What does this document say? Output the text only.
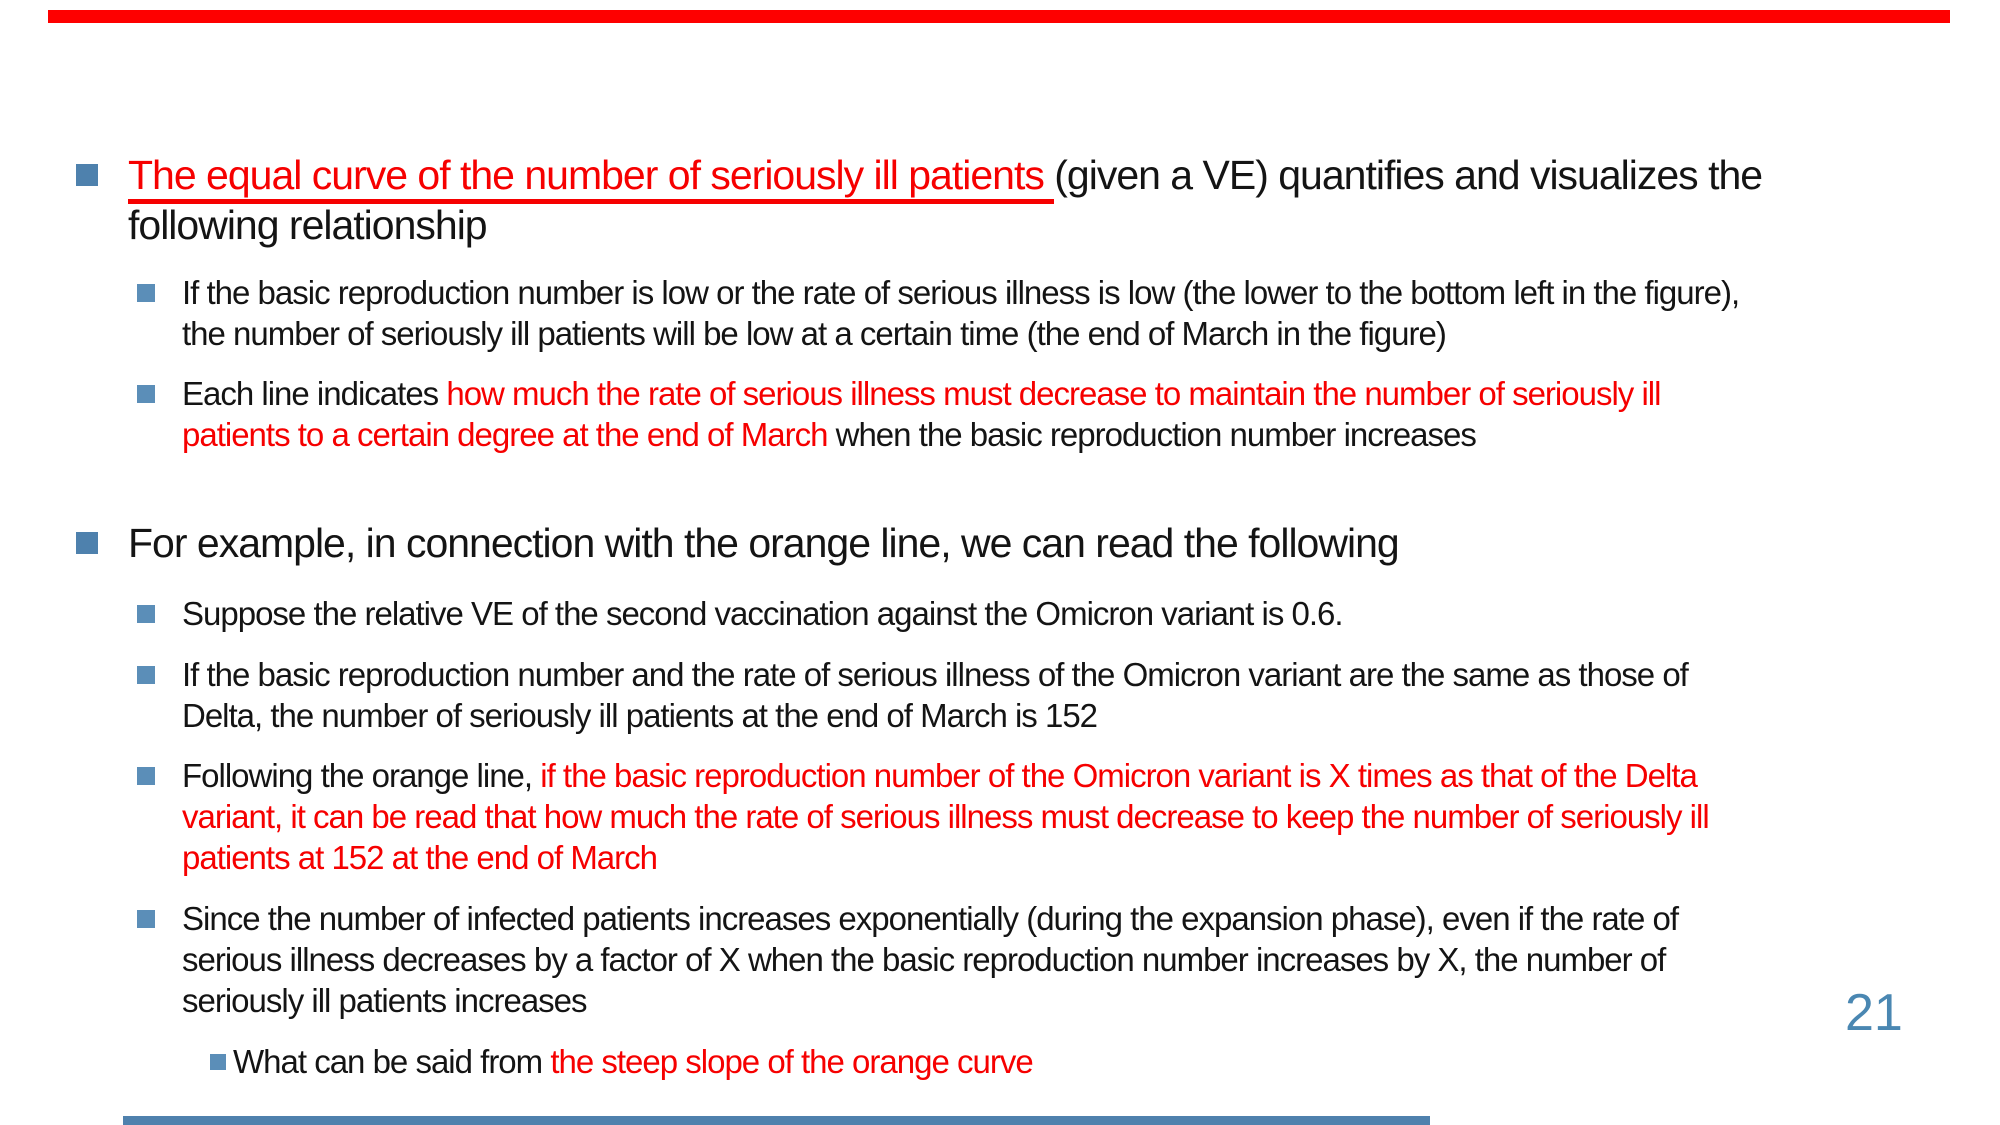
The equal curve of the number of seriously ill patients (given a VE) quantifies and visualizes the
following relationship
If the basic reproduction number is low or the rate of serious illness is low (the lower to the bottom left in the figure),
the number of seriously ill patients will be low at a certain time (the end of March in the figure)
Each line indicates how much the rate of serious illness must decrease to maintain the number of seriously ill
patients to a certain degree at the end of March when the basic reproduction number increases
For example, in connection with the orange line, we can read the following
Suppose the relative VE of the second vaccination against the Omicron variant is 0.6.
If the basic reproduction number and the rate of serious illness of the Omicron variant are the same as those of
Delta, the number of seriously ill patients at the end of March is 152
Following the orange line, if the basic reproduction number of the Omicron variant is X times as that of the Delta
variant, it can be read that how much the rate of serious illness must decrease to keep the number of seriously ill
patients at 152 at the end of March
Since the number of infected patients increases exponentially (during the expansion phase), even if the rate of
serious illness decreases by a factor of X when the basic reproduction number increases by X, the number of
seriously ill patients increases
What can be said from the steep slope of the orange curve
21
